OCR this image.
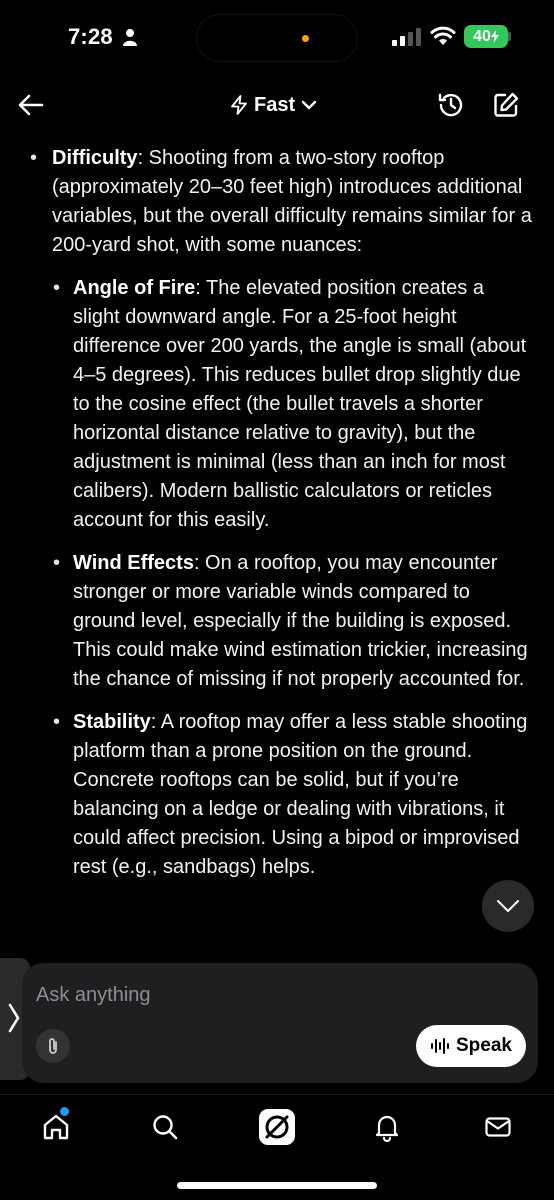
7:28	40
Fast
• Difficulty: Shooting from a two-story rooftop (approximately 20–30 feet high) introduces additional variables, but the overall difficulty remains similar for a 200-yard shot, with some nuances:
• Angle of Fire: The elevated position creates a slight downward angle. For a 25-foot height difference over 200 yards, the angle is small (about 4–5 degrees). This reduces bullet drop slightly due to the cosine effect (the bullet travels a shorter horizontal distance relative to gravity), but the adjustment is minimal (less than an inch for most calibers). Modern ballistic calculators or reticles account for this easily.
• Wind Effects: On a rooftop, you may encounter stronger or more variable winds compared to ground level, especially if the building is exposed. This could make wind estimation trickier, increasing the chance of missing if not properly accounted for.
• Stability: A rooftop may offer a less stable shooting platform than a prone position on the ground. Concrete rooftops can be solid, but if you’re balancing on a ledge or dealing with vibrations, it could affect precision. Using a bipod or improvised rest (e.g., sandbags) helps.
Ask anything
Speak
